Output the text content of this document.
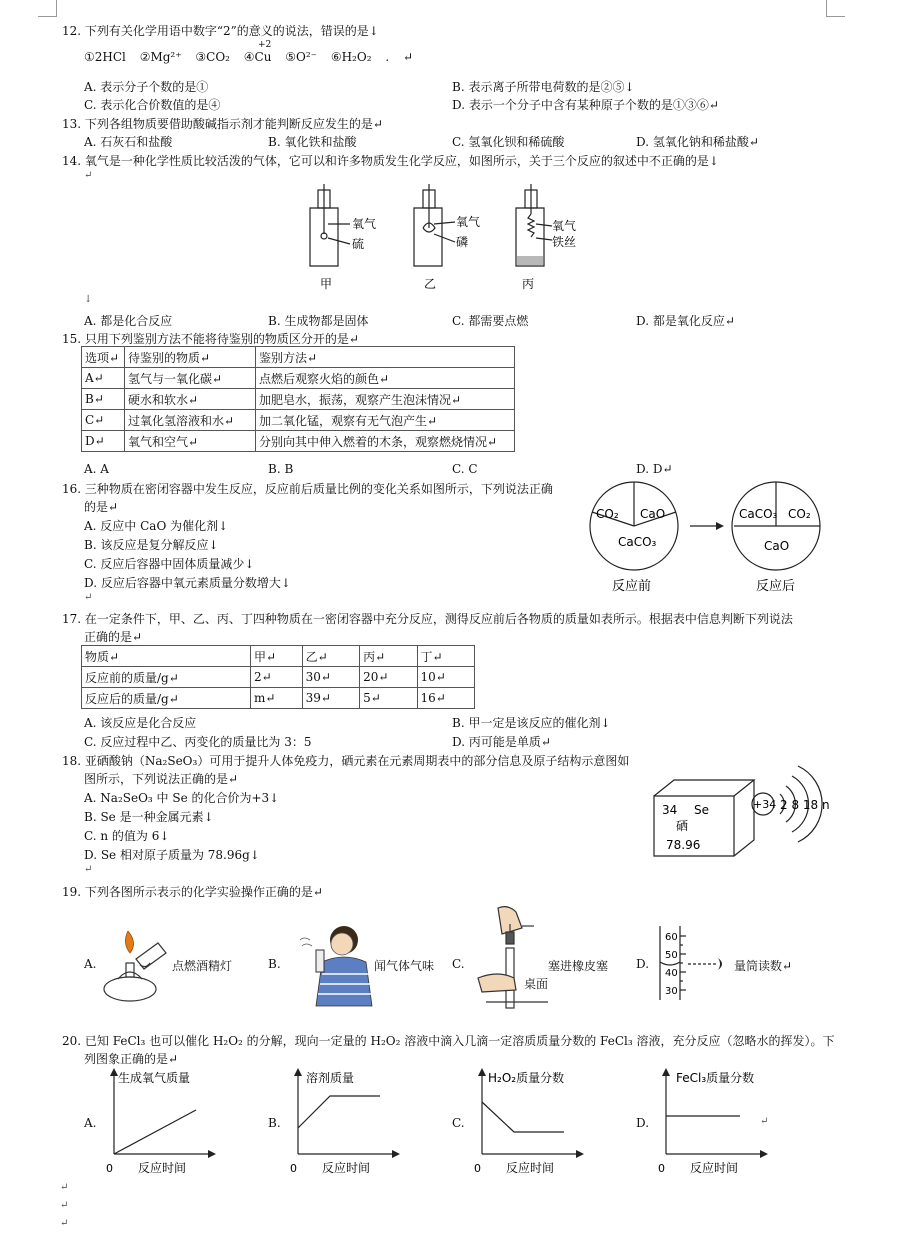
12. 下列有关化学用语中数字“2”的意义的说法，错误的是↓
①2HCl ②Mg²⁺ ③CO₂ ④Cu ⑤O²⁻ ⑥H₂O₂ . ↵
+2
A. 表示分子个数的是①	B. 表示离子所带电荷数的是②⑤↓
C. 表示化合价数值的是④	D. 表示一个分子中含有某种原子个数的是①③⑥↵
13. 下列各组物质要借助酸碱指示剂才能判断反应发生的是↵
A. 石灰石和盐酸	B. 氧化铁和盐酸	C. 氢氧化钡和稀硫酸	D. 氢氧化钠和稀盐酸↵
14. 氧气是一种化学性质比较活泼的气体，它可以和许多物质发生化学反应，如图所示，关于三个反应的叙述中不正确的是↓
↵
氧气
硫
甲
氧气
磷
乙
氧气
铁丝
丙
↓
A. 都是化合反应	B. 生成物都是固体	C. 都需要点燃	D. 都是氧化反应↵
15. 只用下列鉴别方法不能将待鉴别的物质区分开的是↵
选项↵	待鉴别的物质↵	鉴别方法↵
A↵	氢气与一氧化碳↵	点燃后观察火焰的颜色↵
B↵	硬水和软水↵	加肥皂水，振荡，观察产生泡沫情况↵
C↵	过氧化氢溶液和水↵	加二氧化锰，观察有无气泡产生↵
D↵	氧气和空气↵	分别向其中伸入燃着的木条，观察燃烧情况↵
A. A	B. B	C. C	D. D↵
16. 三种物质在密闭容器中发生反应，反应前后质量比例的变化关系如图所示，下列说法正确
的是↵
A. 反应中 CaO 为催化剂↓
B. 该反应是复分解反应↓
C. 反应后容器中固体质量减少↓
D. 反应后容器中氧元素质量分数增大↓
↵
CO₂ CaO
CaCO₃
反应前
CaCO₃ CO₂
CaO
反应后
17. 在一定条件下，甲、乙、丙、丁四种物质在一密闭容器中充分反应，测得反应前后各物质的质量如表所示。根据表中信息判断下列说法
正确的是↵
物质↵	甲↵	乙↵	丙↵	丁↵
反应前的质量/g↵	2↵	30↵	20↵	10↵
反应后的质量/g↵	m↵	39↵	5↵	16↵
A. 该反应是化合反应	B. 甲一定是该反应的催化剂↓
C. 反应过程中乙、丙变化的质量比为 3：5	D. 丙可能是单质↵
18. 亚硒酸钠（Na₂SeO₃）可用于提升人体免疫力，硒元素在元素周期表中的部分信息及原子结构示意图如
图所示，下列说法正确的是↵
A. Na₂SeO₃ 中 Se 的化合价为+3↓
B. Se 是一种金属元素↓
C. n 的值为 6↓
D. Se 相对原子质量为 78.96g↓
↵
34 Se
硒
78.96
+34 2 8 18 n
19. 下列各图所示表示的化学实验操作正确的是↵
A.	点燃酒精灯	B.	闻气体气味 C.	塞进橡皮塞
桌面
D.
60
50
40
30
量筒读数↵
20. 已知 FeCl₃ 也可以催化 H₂O₂ 的分解，现向一定量的 H₂O₂ 溶液中滴入几滴一定溶质质量分数的 FeCl₃ 溶液，充分反应（忽略水的挥发）。下
列图象正确的是↵
A.
生成氧气质量
0 反应时间
B.
溶剂质量
0 反应时间
C.
H₂O₂质量分数
0 反应时间
D.
FeCl₃质量分数
0 反应时间
↵
↵
↵
↵
